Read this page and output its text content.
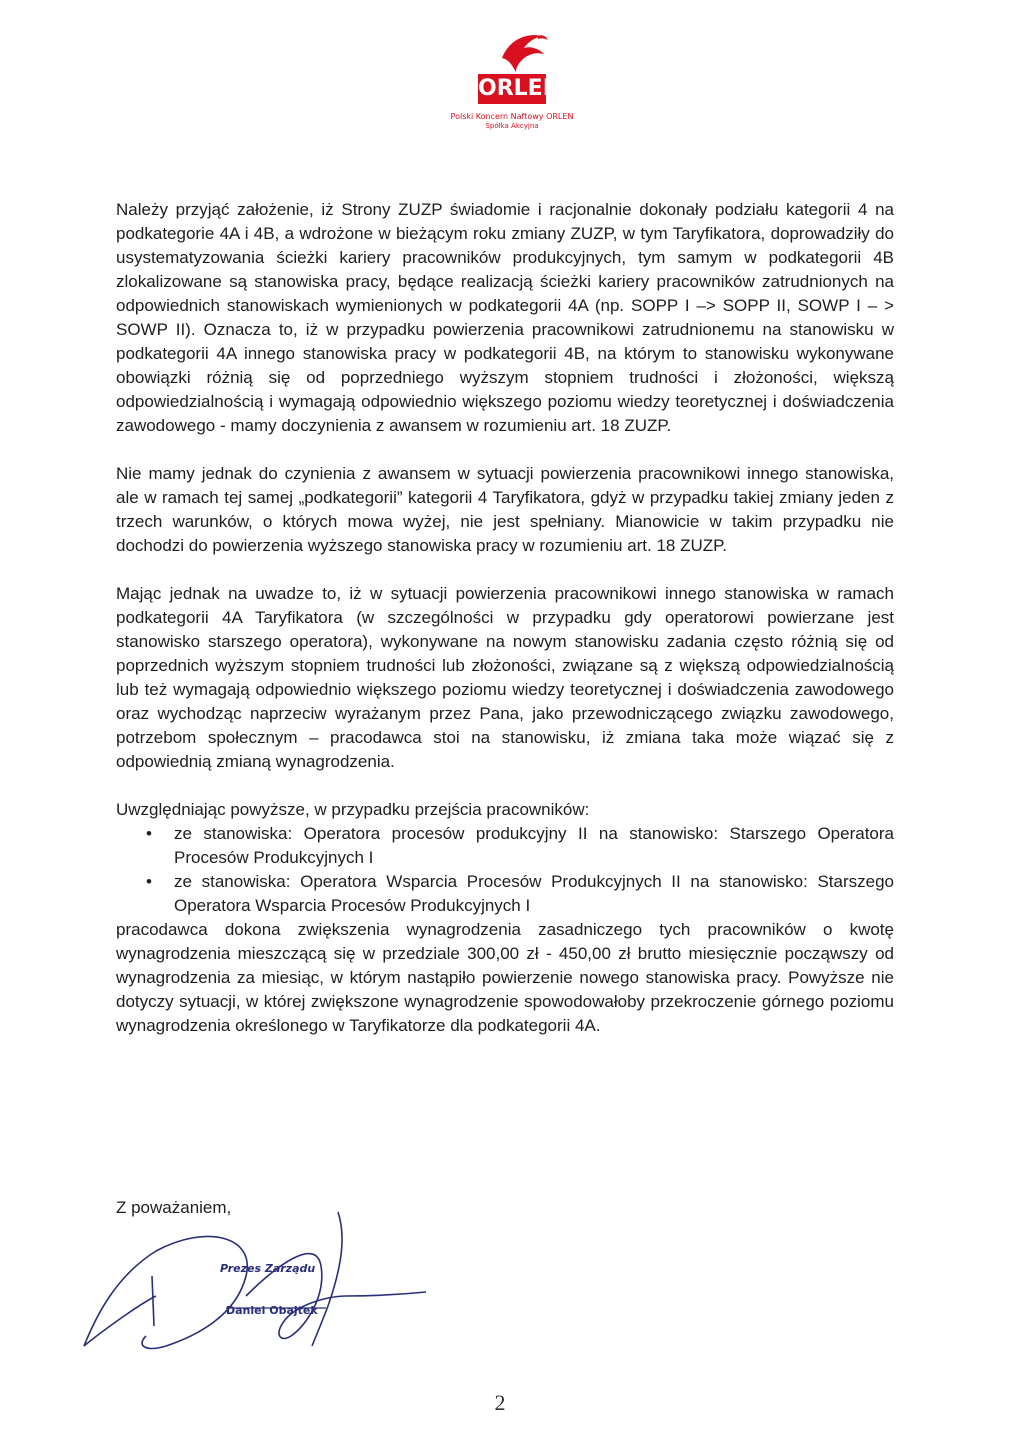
ORLEN
Polski Koncern Naftowy ORLEN
Spółka Akcyjna

Należy przyjąć założenie, iż Strony ZUZP świadomie i racjonalnie dokonały podziału kategorii 4 na podkategorie 4A i 4B, a wdrożone w bieżącym roku zmiany ZUZP, w tym Taryfikatora, doprowadziły do usystematyzowania ścieżki kariery pracowników produkcyjnych, tym samym w podkategorii 4B zlokalizowane są stanowiska pracy, będące realizacją ścieżki kariery pracowników zatrudnionych na odpowiednich stanowiskach wymienionych w podkategorii 4A (np. SOPP I –> SOPP II, SOWP I – > SOWP II). Oznacza to, iż w przypadku powierzenia pracownikowi zatrudnionemu na stanowisku w podkategorii 4A innego stanowiska pracy w podkategorii 4B, na którym to stanowisku wykonywane obowiązki różnią się od poprzedniego wyższym stopniem trudności i złożoności, większą odpowiedzialnością i wymagają odpowiednio większego poziomu wiedzy teoretycznej i doświadczenia zawodowego - mamy doczynienia z awansem w rozumieniu art. 18 ZUZP.

Nie mamy jednak do czynienia z awansem w sytuacji powierzenia pracownikowi innego stanowiska, ale w ramach tej samej „podkategorii” kategorii 4 Taryfikatora, gdyż w przypadku takiej zmiany jeden z trzech warunków, o których mowa wyżej, nie jest spełniany. Mianowicie w takim przypadku nie dochodzi do powierzenia wyższego stanowiska pracy w rozumieniu art. 18 ZUZP.

Mając jednak na uwadze to, iż w sytuacji powierzenia pracownikowi innego stanowiska w ramach podkategorii 4A Taryfikatora (w szczególności w przypadku gdy operatorowi powierzane jest stanowisko starszego operatora), wykonywane na nowym stanowisku zadania często różnią się od poprzednich wyższym stopniem trudności lub złożoności, związane są z większą odpowiedzialnością lub też wymagają odpowiednio większego poziomu wiedzy teoretycznej i doświadczenia zawodowego oraz wychodząc naprzeciw wyrażanym przez Pana, jako przewodniczącego związku zawodowego, potrzebom społecznym – pracodawca stoi na stanowisku, iż zmiana taka może wiązać się z odpowiednią zmianą wynagrodzenia.

Uwzględniając powyższe, w przypadku przejścia pracowników:
• ze stanowiska: Operatora procesów produkcyjny II na stanowisko: Starszego Operatora Procesów Produkcyjnych I
• ze stanowiska: Operatora Wsparcia Procesów Produkcyjnych II na stanowisko: Starszego Operatora Wsparcia Procesów Produkcyjnych I
pracodawca dokona zwiększenia wynagrodzenia zasadniczego tych pracowników o kwotę wynagrodzenia mieszczącą się w przedziale 300,00 zł - 450,00 zł brutto miesięcznie począwszy od wynagrodzenia za miesiąc, w którym nastąpiło powierzenie nowego stanowiska pracy. Powyższe nie dotyczy sytuacji, w której zwiększone wynagrodzenie spowodowałoby przekroczenie górnego poziomu wynagrodzenia określonego w Taryfikatorze dla podkategorii 4A.
Z poważaniem,
Prezes Zarządu
Daniel Obajtek
2
